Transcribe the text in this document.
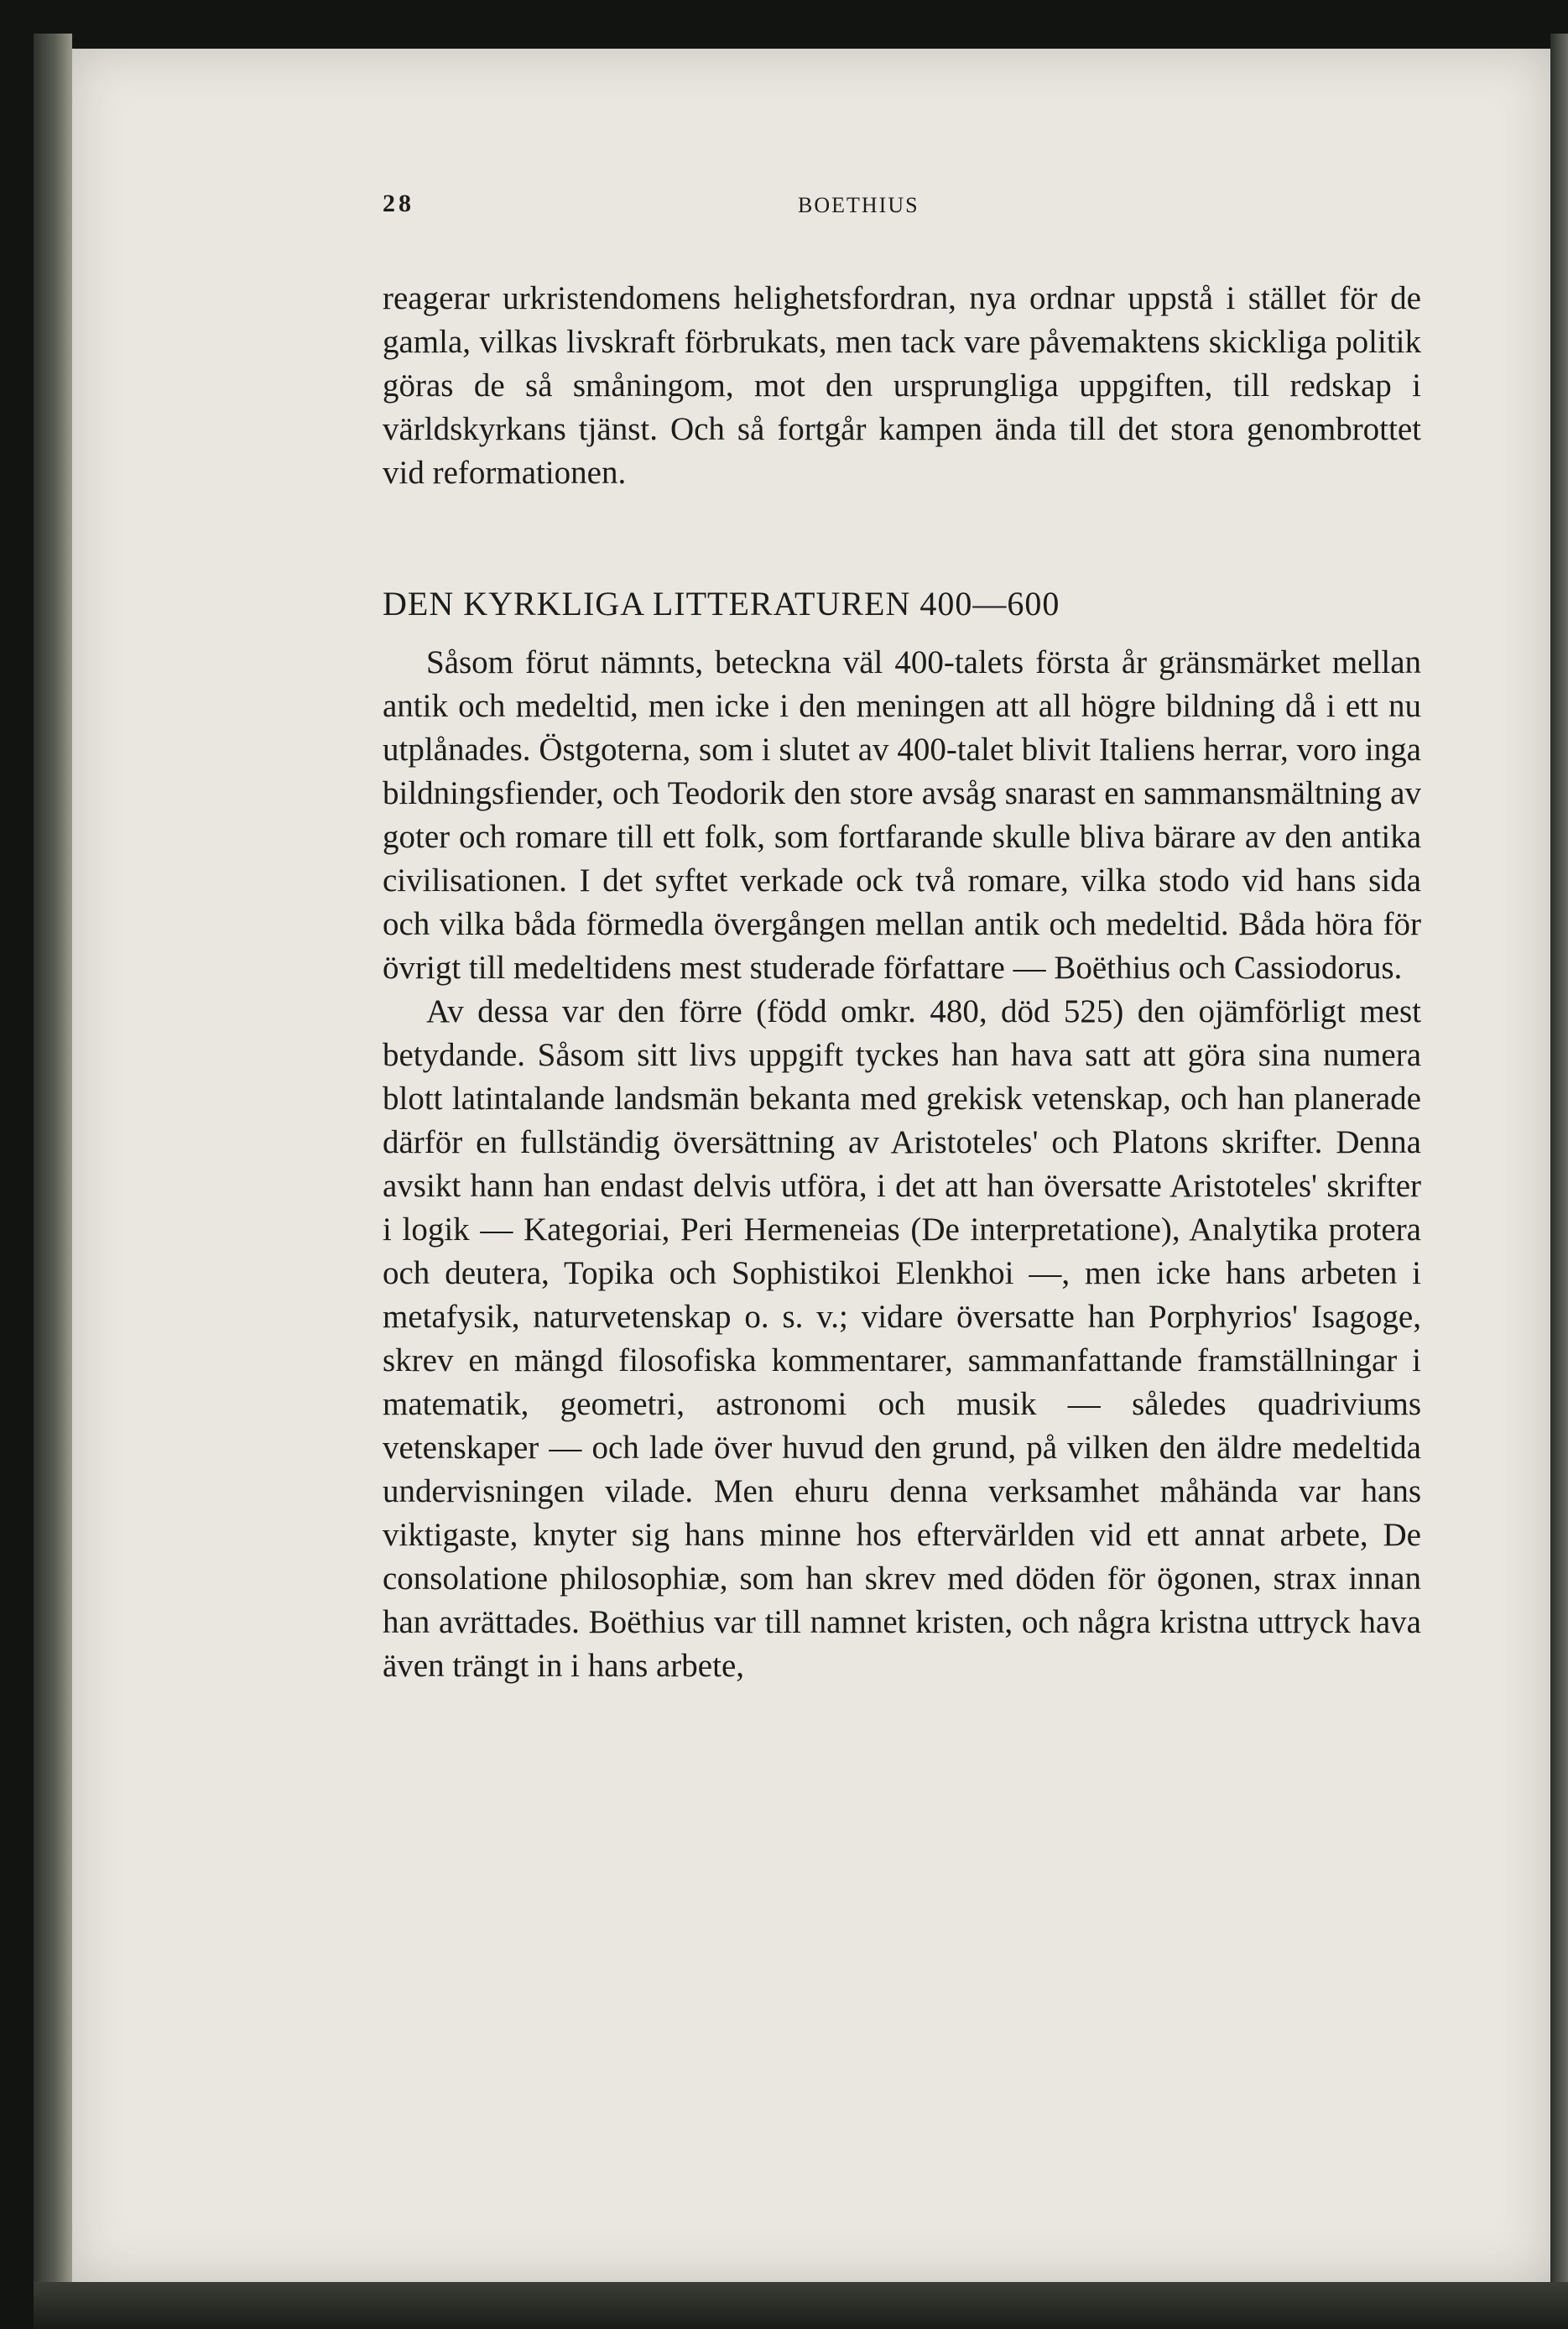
28	BOETHIUS

reagerar urkristendomens helighetsfordran, nya ordnar uppstå i stället för de gamla, vilkas livskraft förbrukats, men tack vare påvemaktens skickliga politik göras de så småningom, mot den ursprungliga uppgiften, till redskap i världskyrkans tjänst. Och så fortgår kampen ända till det stora genombrottet vid reformationen.

DEN KYRKLIGA LITTERATUREN 400—600

Såsom förut nämnts, beteckna väl 400-talets första år gränsmärket mellan antik och medeltid, men icke i den meningen att all högre bildning då i ett nu utplånades. Östgoterna, som i slutet av 400-talet blivit Italiens herrar, voro inga bildningsfiender, och Teodorik den store avsåg snarast en sammansmältning av goter och romare till ett folk, som fortfarande skulle bliva bärare av den antika civilisationen. I det syftet verkade ock två romare, vilka stodo vid hans sida och vilka båda förmedla övergången mellan antik och medeltid. Båda höra för övrigt till medeltidens mest studerade författare — Boëthius och Cassiodorus.

Av dessa var den förre (född omkr. 480, död 525) den ojämförligt mest betydande. Såsom sitt livs uppgift tyckes han hava satt att göra sina numera blott latintalande landsmän bekanta med grekisk vetenskap, och han planerade därför en fullständig översättning av Aristoteles' och Platons skrifter. Denna avsikt hann han endast delvis utföra, i det att han översatte Aristoteles' skrifter i logik — Kategoriai, Peri Hermeneias (De interpretatione), Analytika protera och deutera, Topika och Sophistikoi Elenkhoi —, men icke hans arbeten i metafysik, naturvetenskap o. s. v.; vidare översatte han Porphyrios' Isagoge, skrev en mängd filosofiska kommentarer, sammanfattande framställningar i matematik, geometri, astronomi och musik — således quadriviums vetenskaper — och lade över huvud den grund, på vilken den äldre medeltida undervisningen vilade. Men ehuru denna verksamhet måhända var hans viktigaste, knyter sig hans minne hos eftervärlden vid ett annat arbete, De consolatione philosophiæ, som han skrev med döden för ögonen, strax innan han avrättades. Boëthius var till namnet kristen, och några kristna uttryck hava även trängt in i hans arbete,
